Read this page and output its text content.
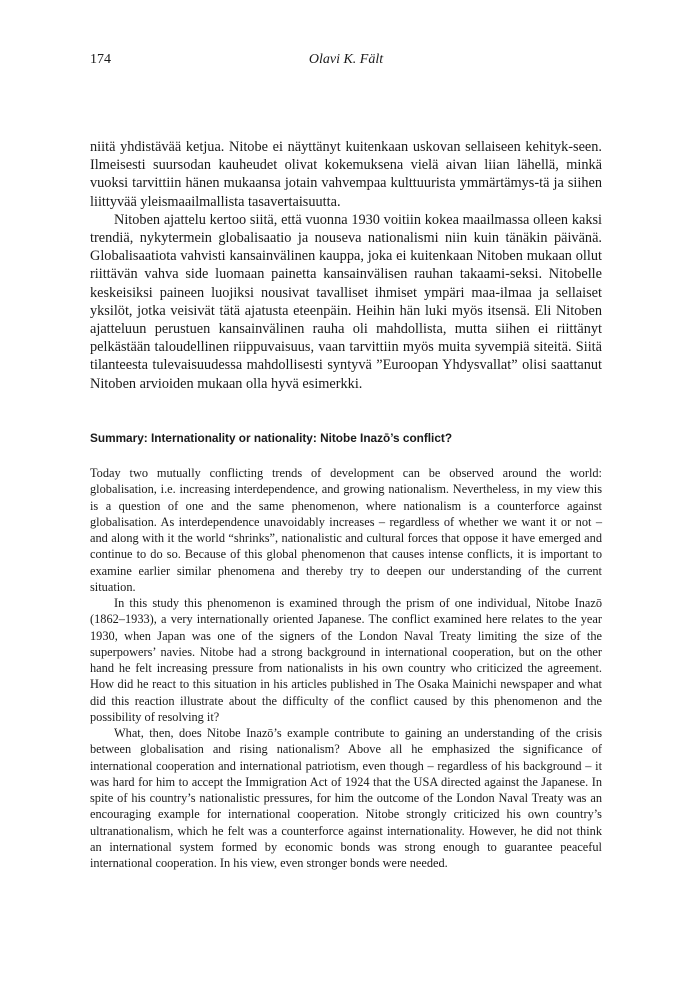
174	Olavi K. Fält

niitä yhdistävää ketjua. Nitobe ei näyttänyt kuitenkaan uskovan sellaiseen kehityk-seen. Ilmeisesti suursodan kauheudet olivat kokemuksena vielä aivan liian lähellä, minkä vuoksi tarvittiin hänen mukaansa jotain vahvempaa kulttuurista ymmärtämys-tä ja siihen liittyvää yleismaailmallista tasavertaisuutta.

Nitoben ajattelu kertoo siitä, että vuonna 1930 voitiin kokea maailmassa olleen kaksi trendiä, nykytermein globalisaatio ja nouseva nationalismi niin kuin tänäkin päivänä. Globalisaatiota vahvisti kansainvälinen kauppa, joka ei kuitenkaan Nitoben mukaan ollut riittävän vahva side luomaan painetta kansainvälisen rauhan takaami-seksi. Nitobelle keskeisiksi paineen luojiksi nousivat tavalliset ihmiset ympäri maa-ilmaa ja sellaiset yksilöt, jotka veisivät tätä ajatusta eteenpäin. Heihin hän luki myös itsensä. Eli Nitoben ajatteluun perustuen kansainvälinen rauha oli mahdollista, mutta siihen ei riittänyt pelkästään taloudellinen riippuvaisuus, vaan tarvittiin myös muita syvempiä siteitä. Siitä tilanteesta tulevaisuudessa mahdollisesti syntyvä ”Euroopan Yhdysvallat” olisi saattanut Nitoben arvioiden mukaan olla hyvä esimerkki.

Summary: Internationality or nationality: Nitobe Inazō’s conflict?

Today two mutually conflicting trends of development can be observed around the world: globalisation, i.e. increasing interdependence, and growing nationalism. Nevertheless, in my view this is a question of one and the same phenomenon, where nationalism is a counterforce against globalisation. As interdependence unavoidably increases – regardless of whether we want it or not – and along with it the world “shrinks”, nationalistic and cultural forces that oppose it have emerged and continue to do so. Because of this global phenomenon that causes intense conflicts, it is important to examine earlier similar phenomena and thereby try to deepen our understanding of the current situation.

In this study this phenomenon is examined through the prism of one individual, Nitobe Inazō (1862–1933), a very internationally oriented Japanese. The conflict examined here relates to the year 1930, when Japan was one of the signers of the London Naval Treaty limiting the size of the superpowers’ navies. Nitobe had a strong background in international cooperation, but on the other hand he felt increasing pressure from nationalists in his own country who criticized the agreement. How did he react to this situation in his articles published in The Osaka Mainichi newspaper and what did this reaction illustrate about the difficulty of the conflict caused by this phenomenon and the possibility of resolving it?

What, then, does Nitobe Inazō’s example contribute to gaining an understanding of the crisis between globalisation and rising nationalism? Above all he emphasized the significance of international cooperation and international patriotism, even though – regardless of his background – it was hard for him to accept the Immigration Act of 1924 that the USA directed against the Japanese. In spite of his country’s nationalistic pressures, for him the outcome of the London Naval Treaty was an encouraging example for international cooperation. Nitobe strongly criticized his own country’s ultranationalism, which he felt was a counterforce against internationality. However, he did not think an international system formed by economic bonds was strong enough to guarantee peaceful international cooperation. In his view, even stronger bonds were needed.
